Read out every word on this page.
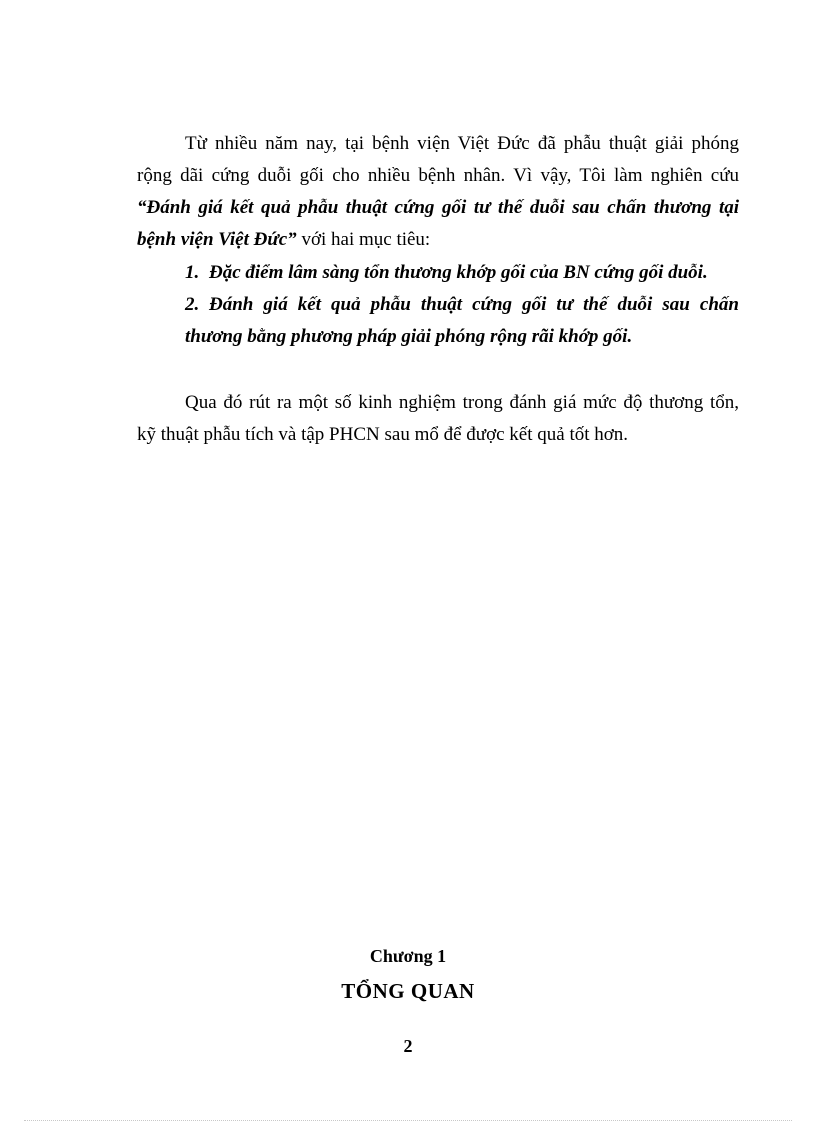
Từ nhiều năm nay, tại bệnh viện Việt Đức đã phẫu thuật giải phóng
rộng dãi cứng duỗi gối cho nhiều bệnh nhân. Vì vậy, Tôi làm nghiên cứu
“Đánh giá kết quả phẫu thuật cứng gối tư thế duỗi sau chấn thương tại
bệnh viện Việt Đức” với hai mục tiêu:
1. Đặc điểm lâm sàng tổn thương khớp gối của BN cứng gối duỗi.
2. Đánh giá kết quả phẫu thuật cứng gối tư thế duỗi sau chấn
thương bằng phương pháp giải phóng rộng rãi khớp gối.
Qua đó rút ra một số kinh nghiệm trong đánh giá mức độ thương tổn,
kỹ thuật phẫu tích và tập PHCN sau mổ để được kết quả tốt hơn.
Chương 1
TỔNG QUAN
2
